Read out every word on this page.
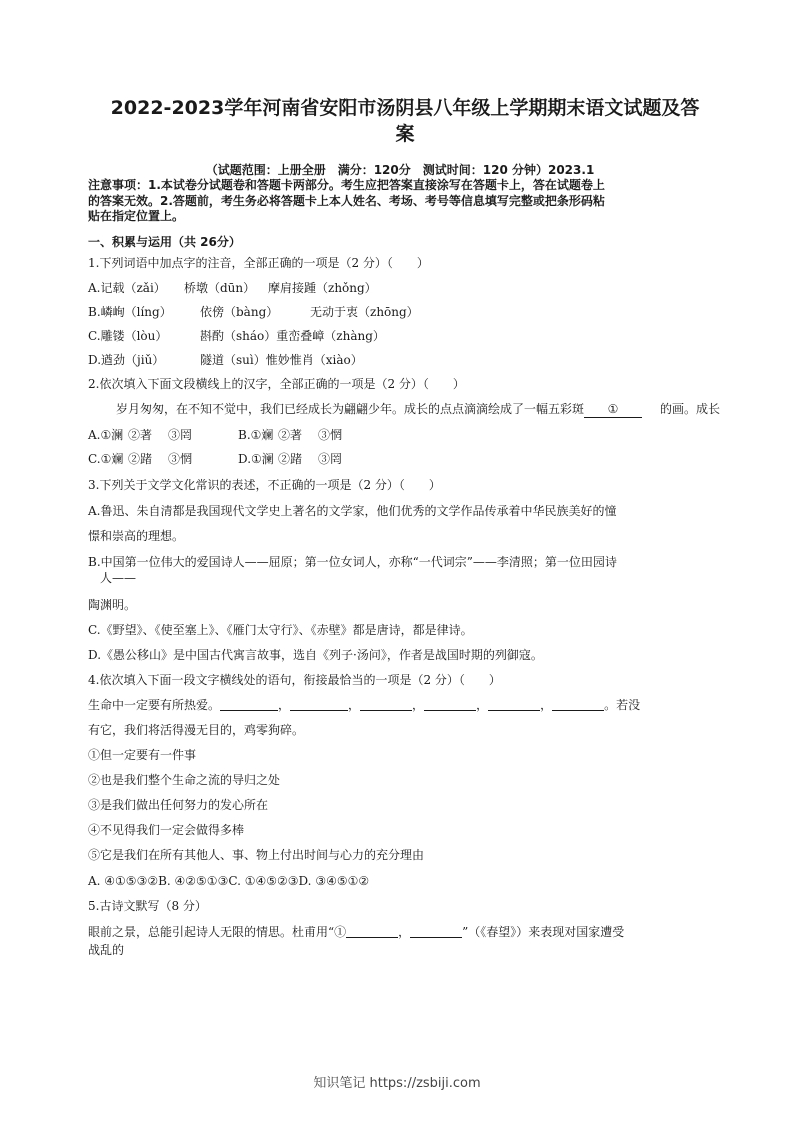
2022-2023学年河南省安阳市汤阴县八年级上学期期末语文试题及答
案
（试题范围：上册全册　满分：120分　测试时间：120 分钟）2023.1
注意事项：1.本试卷分试题卷和答题卡两部分。考生应把答案直接涂写在答题卡上，答在试题卷上
的答案无效。2.答题前，考生务必将答题卡上本人姓名、考场、考号等信息填写完整或把条形码粘
贴在指定位置上。
一、积累与运用（共 26分）
1.下列词语中加点字的注音，全部正确的一项是（2 分）（　　）
A.记载（zǎi） 桥墩（dūn） 摩肩接踵（zhǒng）
B.嶙峋（líng） 依傍（bàng）	无动于衷（zhōng）
C.雕镂（lòu）	斟酌（sháo）重峦叠嶂（zhàng）
D.遒劲（jiǔ）	隧道（suì）惟妙惟肖（xiào）
2.依次填入下面文段横线上的汉字，全部正确的一项是（2 分）（　　）
岁月匆匆，在不知不觉中，我们已经成长为翩翩少年。成长的点点滴滴绘成了一幅五彩斑 ①	的画。成长
A.①澜 ②著 ③罔	B.①斓 ②著 ③惘
C.①斓 ②踷 ③惘	D.①澜 ②踷 ③罔
3.下列关于文学文化常识的表述，不正确的一项是（2 分）（　　）
A.鲁迅、朱自清都是我国现代文学史上著名的文学家，他们优秀的文学作品传承着中华民族美好的憧
憬和崇高的理想。
B.中国第一位伟大的爱国诗人——屈原；第一位女词人，亦称“一代词宗”——李清照；第一位田园诗
人——
陶渊明。
C.《野望》、《使至塞上》、《雁门太守行》、《赤壁》都是唐诗，都是律诗。
D.《愚公移山》是中国古代寓言故事，选自《列子·汤问》，作者是战国时期的列御寇。
4.依次填入下面一段文字横线处的语句，衔接最恰当的一项是（2 分）（　　）
生命中一定要有所热爱。	，	，	，	，	，	。若没
有它，我们将活得漫无目的，鸡零狗碎。
①但一定要有一件事
②也是我们整个生命之流的导归之处
③是我们做出任何努力的发心所在
④不见得我们一定会做得多棒
⑤它是我们在所有其他人、事、物上付出时间与心力的充分理由
A. ④①⑤③②B. ④②⑤①③C. ①④⑤②③D. ③④⑤①②
5.古诗文默写（8 分）
眼前之景，总能引起诗人无限的情思。杜甫用“①	，	”（《春望》）来表现对国家遭受
战乱的
知识笔记 https://zsbiji.com
